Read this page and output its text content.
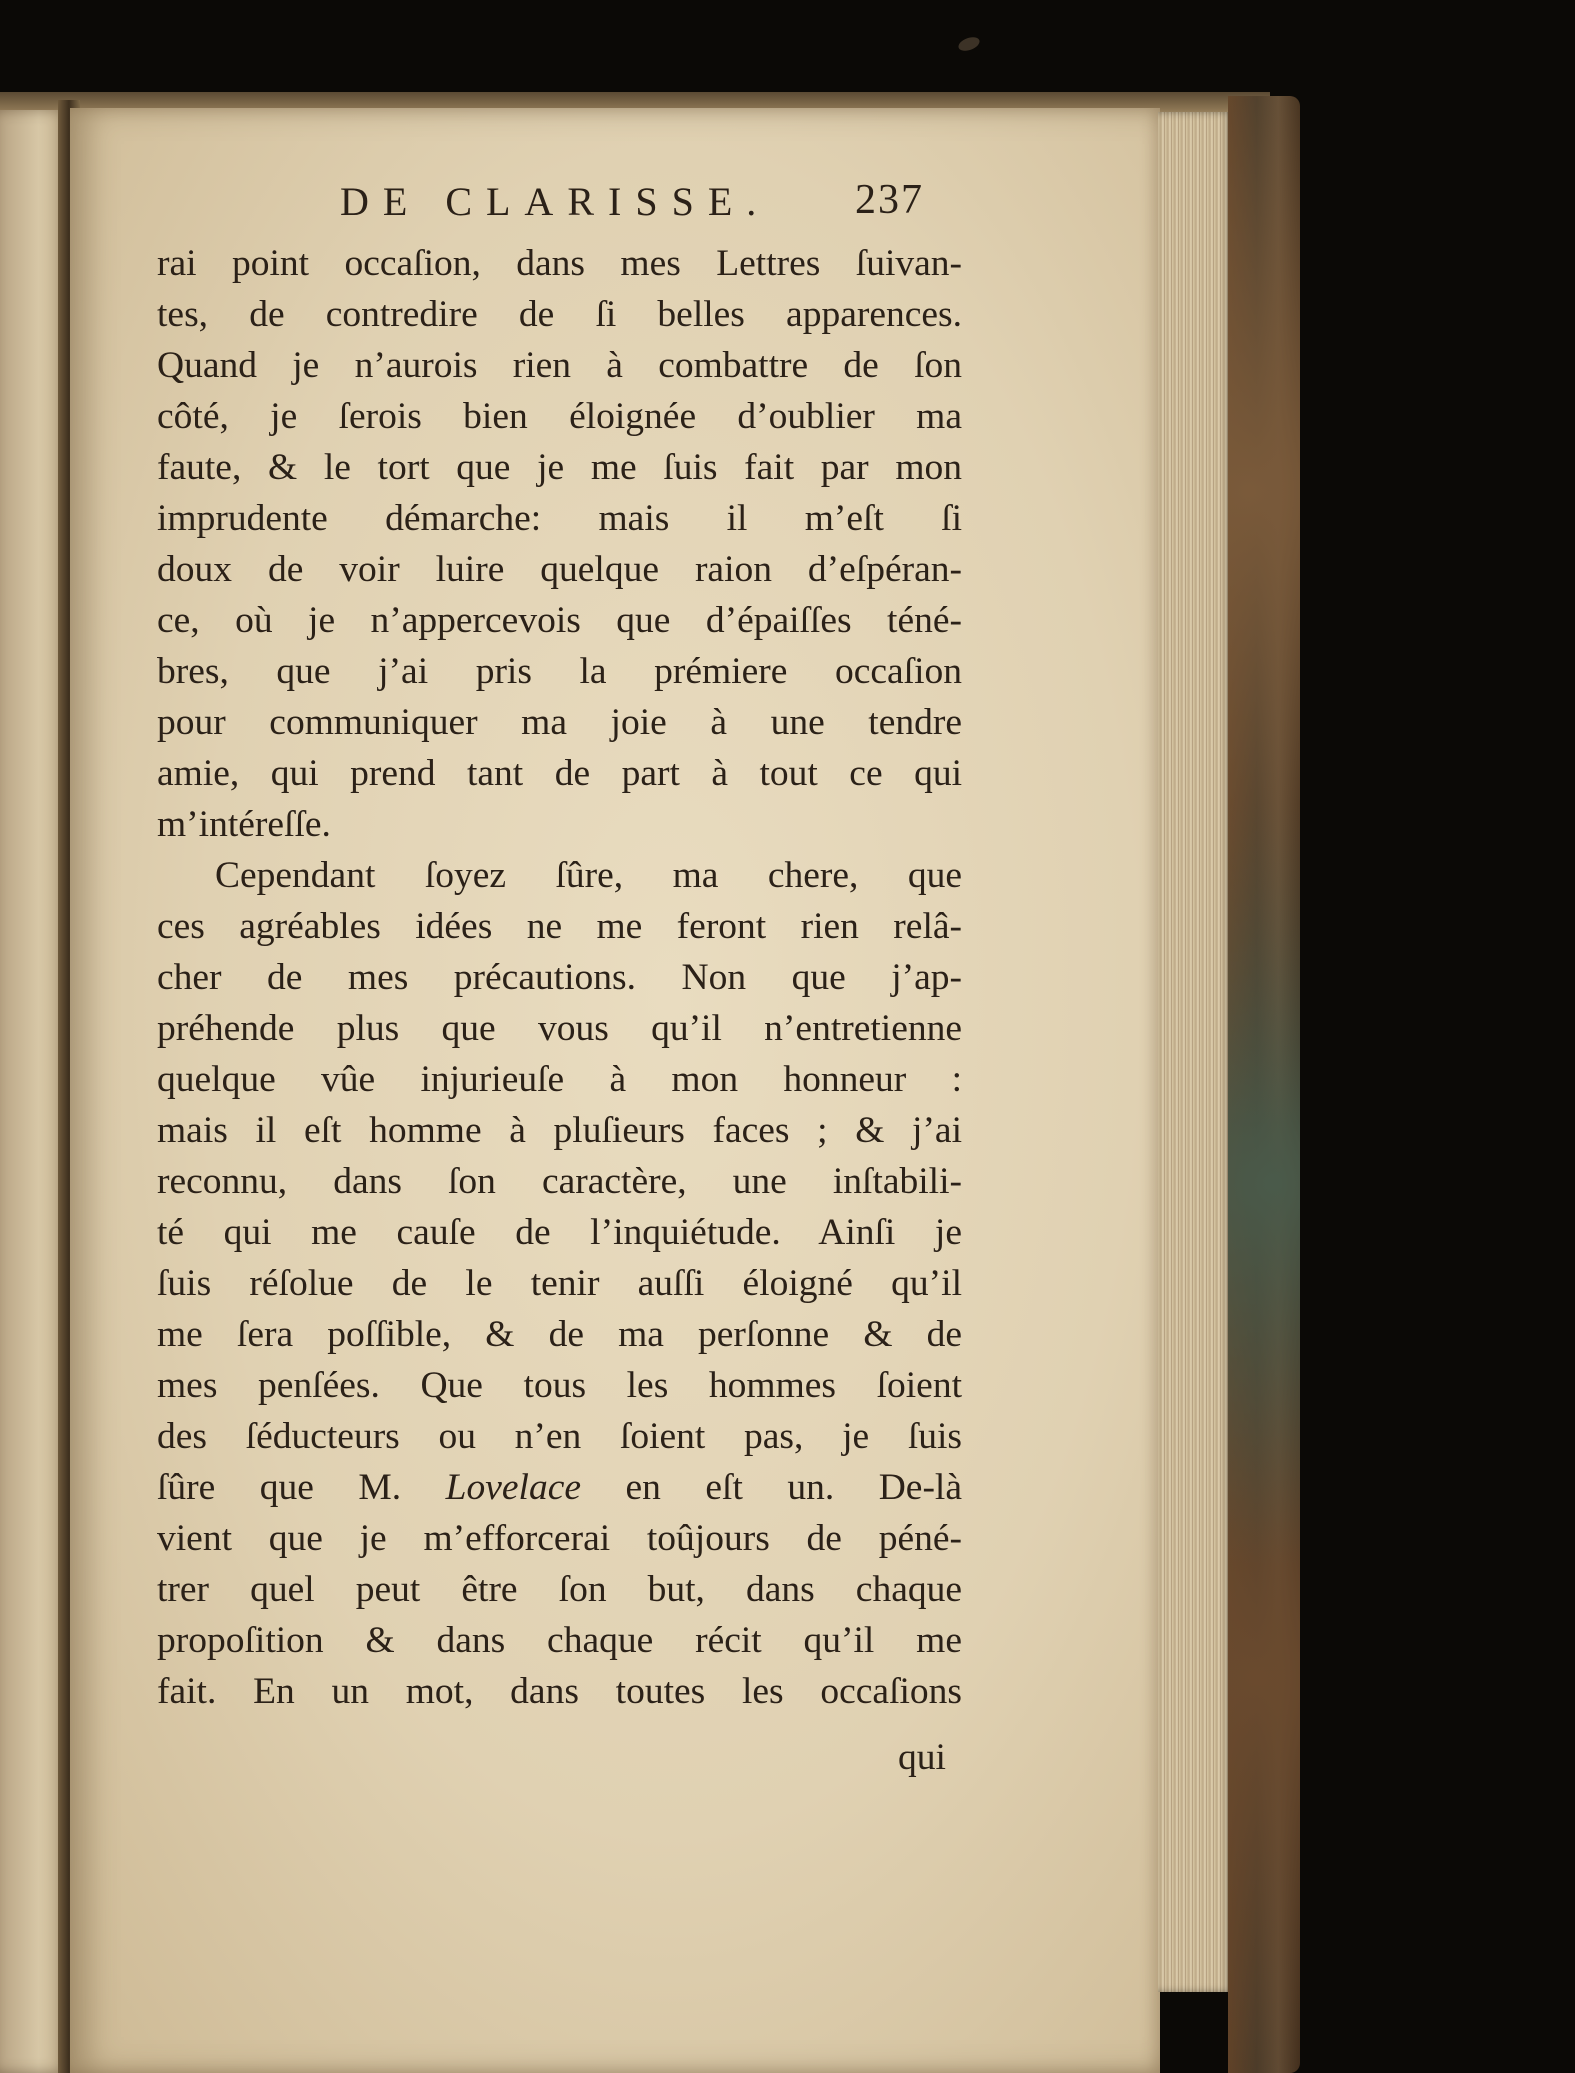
DE CLARISSE. 237
rai point occaſion, dans mes Lettres ſuivan-
tes, de contredire de ſi belles apparences.
Quand je n’aurois rien à combattre de ſon
côté, je ſerois bien éloignée d’oublier ma
faute, & le tort que je me ſuis fait par mon
imprudente démarche: mais il m’eſt ſi
doux de voir luire quelque raion d’eſpéran-
ce, où je n’appercevois que d’épaiſſes téné-
bres, que j’ai pris la prémiere occaſion
pour communiquer ma joie à une tendre
amie, qui prend tant de part à tout ce qui
m’intéreſſe.
Cependant ſoyez ſûre, ma chere, que
ces agréables idées ne me feront rien relâ-
cher de mes précautions. Non que j’ap-
préhende plus que vous qu’il n’entretienne
quelque vûe injurieuſe à mon honneur :
mais il eſt homme à pluſieurs faces ; & j’ai
reconnu, dans ſon caractère, une inſtabili-
té qui me cauſe de l’inquiétude. Ainſi je
ſuis réſolue de le tenir auſſi éloigné qu’il
me ſera poſſible, & de ma perſonne & de
mes penſées. Que tous les hommes ſoient
des ſéducteurs ou n’en ſoient pas, je ſuis
ſûre que M. Lovelace en eſt un. De-là
vient que je m’efforcerai toûjours de péné-
trer quel peut être ſon but, dans chaque
propoſition & dans chaque récit qu’il me
fait. En un mot, dans toutes les occaſions
qui
